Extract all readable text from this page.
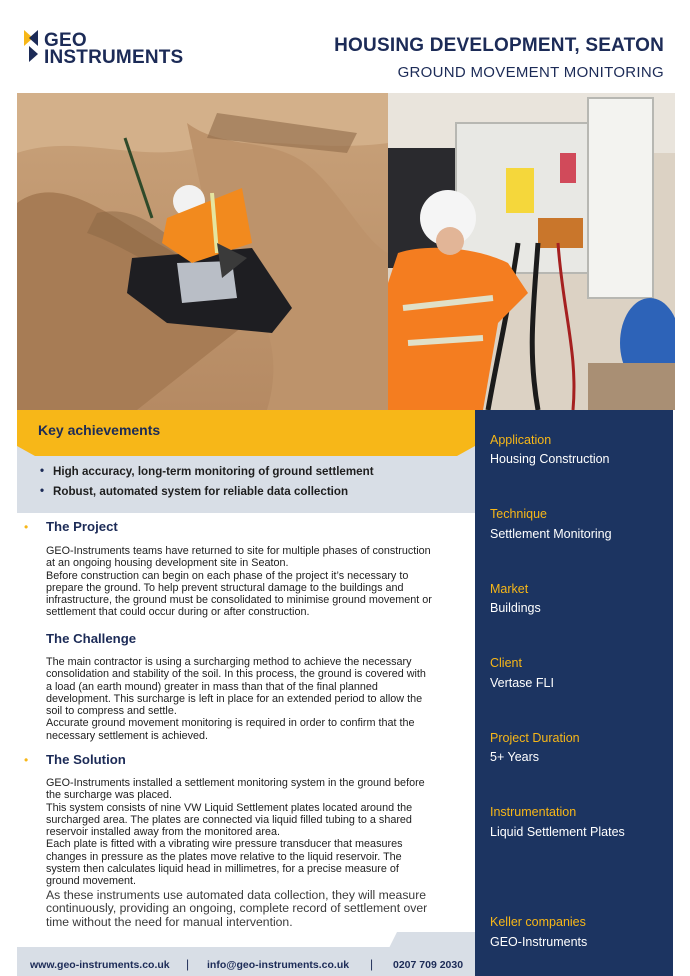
GEO
INSTRUMENTS
HOUSING DEVELOPMENT, SEATON
GROUND MOVEMENT MONITORING
Key achievements
• High accuracy, long-term monitoring of ground settlement
• Robust, automated system for reliable data collection
Application
Housing Construction
Technique
Settlement Monitoring
Market
Buildings
Client
Vertase FLI
Project Duration
5+ Years
Instrumentation
Liquid Settlement Plates
Keller companies
GEO-Instruments
• The Project
GEO-Instruments teams have returned to site for multiple phases of construction
at an ongoing housing development site in Seaton.
Before construction can begin on each phase of the project it’s necessary to
prepare the ground. To help prevent structural damage to the buildings and
infrastructure, the ground must be consolidated to minimise ground movement or
settlement that could occur during or after construction.
The Challenge
The main contractor is using a surcharging method to achieve the necessary
consolidation and stability of the soil. In this process, the ground is covered with
a load (an earth mound) greater in mass than that of the final planned
development. This surcharge is left in place for an extended period to allow the
soil to compress and settle.
Accurate ground movement monitoring is required in order to confirm that the
necessary settlement is achieved.
• The Solution
GEO-Instruments installed a settlement monitoring system in the ground before
the surcharge was placed.
This system consists of nine VW Liquid Settlement plates located around the
surcharged area. The plates are connected via liquid filled tubing to a shared
reservoir installed away from the monitored area.
Each plate is fitted with a vibrating wire pressure transducer that measures
changes in pressure as the plates move relative to the liquid reservoir. The
system then calculates liquid head in millimetres, for a precise measure of
ground movement.
As these instruments use automated data collection, they will measure
continuously, providing an ongoing, complete record of settlement over
time without the need for manual intervention.
www.geo-instruments.co.uk | info@geo-instruments.co.uk | 0207 709 2030
